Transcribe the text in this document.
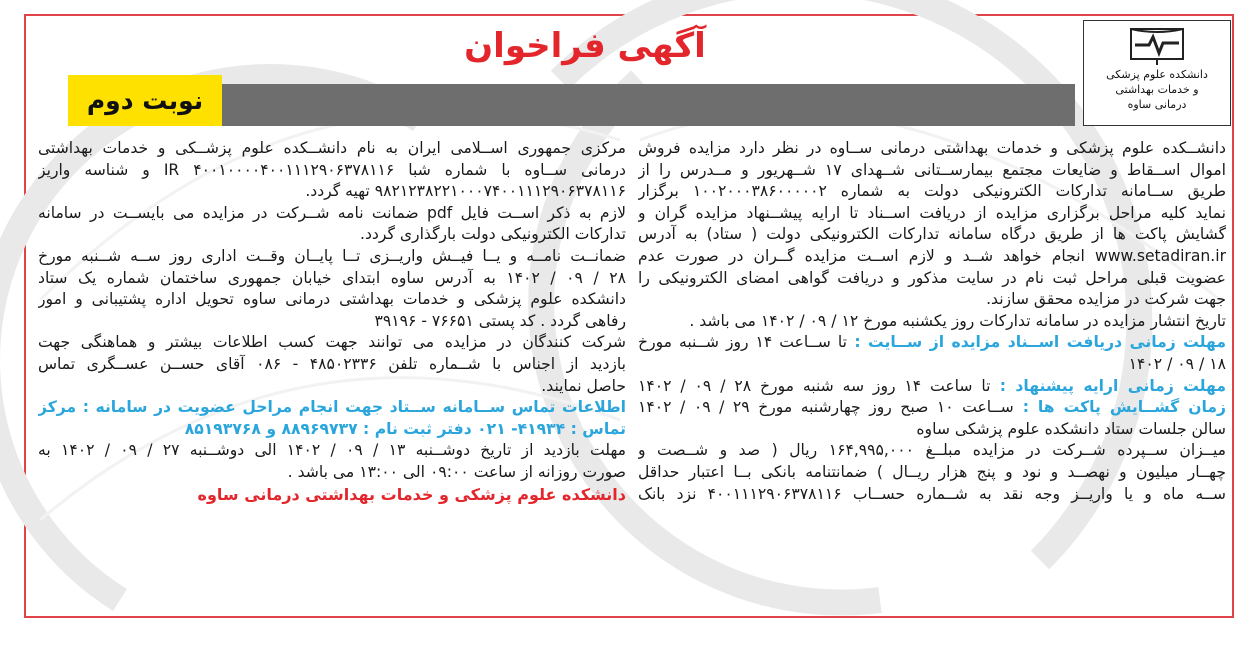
دانشکده علوم پزشکی
و خدمات بهداشتی
درمانی ساوه
آگهی فراخوان
نوبت دوم
دانشــکده علوم پزشکی و خدمات بهداشتی درمانی ســاوه در نظر دارد مزایده فروش
اموال اســقاط و ضایعات مجتمع بیمارســتانی شــهدای ۱۷ شــهریور و مــدرس را از
طریق ســامانه تدارکات الکترونیکی دولت به شماره ۱۰۰۲۰۰۰۳۸۶۰۰۰۰۰۲ برگزار
نماید کلیه مراحل برگزاری مزایده از دریافت اســناد تا ارایه پیشــنهاد مزایده گران و
گشایش پاکت ها از طریق درگاه سامانه تدارکات الکترونیکی دولت ( ستاد) به آدرس
www.setadiran.ir انجام خواهد شــد و لازم اســت مزایده گــران در صورت عدم
عضویت قبلی مراحل ثبت نام در سایت مذکور و دریافت گواهی امضای الکترونیکی را
جهت شرکت در مزایده محقق سازند.
تاریخ انتشار مزایده در سامانه تدارکات روز یکشنبه مورخ ۱۲ / ۰۹ / ۱۴۰۲ می باشد .
مهلت زمانی دریافت اســناد مزایده از ســایت : تا ســاعت ۱۴ روز شــنبه مورخ
۱۸ / ۰۹ / ۱۴۰۲
مهلت زمانی ارایه پیشنهاد : تا ساعت ۱۴ روز سه شنبه مورخ ۲۸ / ۰۹ / ۱۴۰۲
زمان گشــایش پاکت ها : ســاعت ۱۰ صبح روز چهارشنبه مورخ ۲۹ / ۰۹ / ۱۴۰۲
سالن جلسات ستاد دانشکده علوم پزشکی ساوه
میــزان ســپرده شــرکت در مزایده مبلــغ ۱۶۴,۹۹۵,۰۰۰ ریال ( صد و شــصت و
چهــار میلیون و نهصــد و نود و پنج هزار ریــال ) ضمانتنامه بانکی بــا اعتبار حداقل
ســه ماه و یا واریــز وجه نقد به شــماره حســاب ۴۰۰۱۱۱۲۹۰۶۳۷۸۱۱۶ نزد بانک
مرکزی جمهوری اســلامی ایران به نام دانشــکده علوم پزشــکی و خدمات بهداشتی
درمانی ســاوه با شماره شبا ۴۰۰۱۰۰۰۰۴۰۰۱۱۱۲۹۰۶۳۷۸۱۱۶ IR و شناسه واریز
۹۸۲۱۲۳۸۲۲۱۰۰۰۷۴۰۰۱۱۱۲۹۰۶۳۷۸۱۱۶ تهیه گردد.
لازم به ذکر اســت فایل pdf ضمانت نامه شــرکت در مزایده می بایســت در سامانه
تدارکات الکترونیکی دولت بارگذاری گردد.
ضمانــت نامــه و یــا فیــش واریــزی تــا پایــان وقــت اداری روز ســه شــنبه مورخ
۲۸ / ۰۹ / ۱۴۰۲ به آدرس ساوه ابتدای خیابان جمهوری ساختمان شماره یک ستاد
دانشکده علوم پزشکی و خدمات بهداشتی درمانی ساوه تحویل اداره پشتیبانی و امور
رفاهی گردد . کد پستی ۷۶۶۵۱ - ۳۹۱۹۶
شرکت کنندگان در مزایده می توانند جهت کسب اطلاعات بیشتر و هماهنگی جهت
بازدید از اجناس با شــماره تلفن ۴۸۵۰۲۳۳۶ - ۰۸۶ آقای حســن عســگری تماس
حاصل نمایند.
اطلاعات تماس ســامانه ســتاد جهت انجام مراحل عضویت در سامانه : مرکز
تماس : ۴۱۹۳۴- ۰۲۱ دفتر ثبت نام : ۸۸۹۶۹۷۳۷ و ۸۵۱۹۳۷۶۸
مهلت بازدید از تاریخ دوشــنبه ۱۳ / ۰۹ / ۱۴۰۲ الی دوشــنبه ۲۷ / ۰۹ / ۱۴۰۲ به
صورت روزانه از ساعت ۰۹:۰۰ الی ۱۳:۰۰ می باشد .
دانشکده علوم پزشکی و خدمات بهداشتی درمانی ساوه
